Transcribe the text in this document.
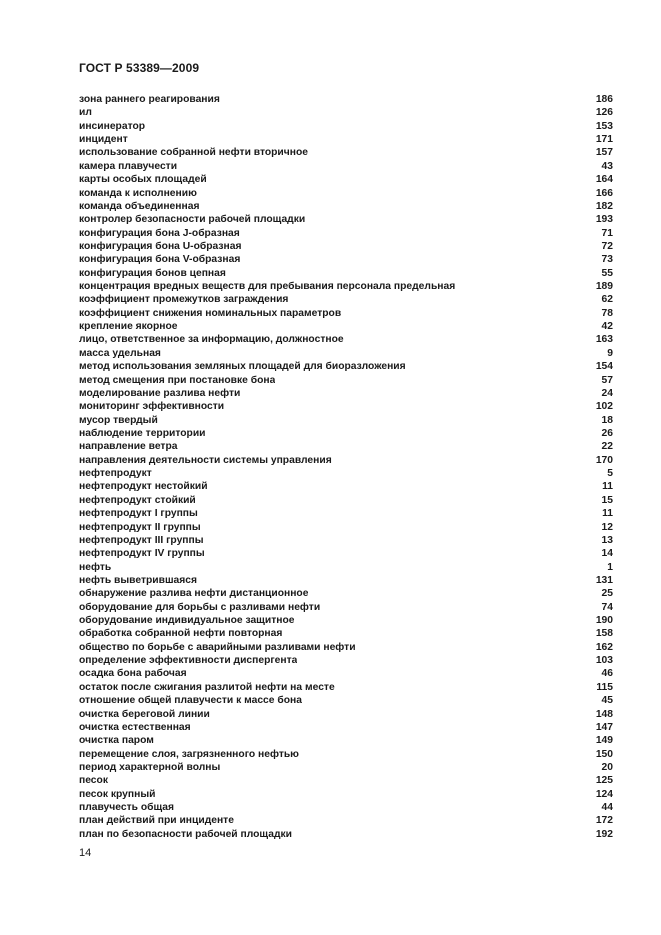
ГОСТ Р 53389—2009
зона раннего реагирования	186
ил	126
инсинератор	153
инцидент	171
использование собранной нефти вторичное	157
камера плавучести	43
карты особых площадей	164
команда к исполнению	166
команда объединенная	182
контролер безопасности рабочей площадки	193
конфигурация бона J-образная	71
конфигурация бона U-образная	72
конфигурация бона V-образная	73
конфигурация бонов цепная	55
концентрация вредных веществ для пребывания персонала предельная	189
коэффициент промежутков заграждения	62
коэффициент снижения номинальных параметров	78
крепление якорное	42
лицо, ответственное за информацию, должностное	163
масса удельная	9
метод использования земляных площадей для биоразложения	154
метод смещения при постановке бона	57
моделирование разлива нефти	24
мониторинг эффективности	102
мусор твердый	18
наблюдение территории	26
направление ветра	22
направления деятельности системы управления	170
нефтепродукт	5
нефтепродукт нестойкий	11
нефтепродукт стойкий	15
нефтепродукт I группы	11
нефтепродукт II группы	12
нефтепродукт III группы	13
нефтепродукт IV группы	14
нефть	1
нефть выветрившаяся	131
обнаружение разлива нефти дистанционное	25
оборудование для борьбы с разливами нефти	74
оборудование индивидуальное защитное	190
обработка собранной нефти повторная	158
общество по борьбе с аварийными разливами нефти	162
определение эффективности диспергента	103
осадка бона рабочая	46
остаток после сжигания разлитой нефти на месте	115
отношение общей плавучести к массе бона	45
очистка береговой линии	148
очистка естественная	147
очистка паром	149
перемещение слоя, загрязненного нефтью	150
период характерной волны	20
песок	125
песок крупный	124
плавучесть общая	44
план действий при инциденте	172
план по безопасности рабочей площадки	192
14
